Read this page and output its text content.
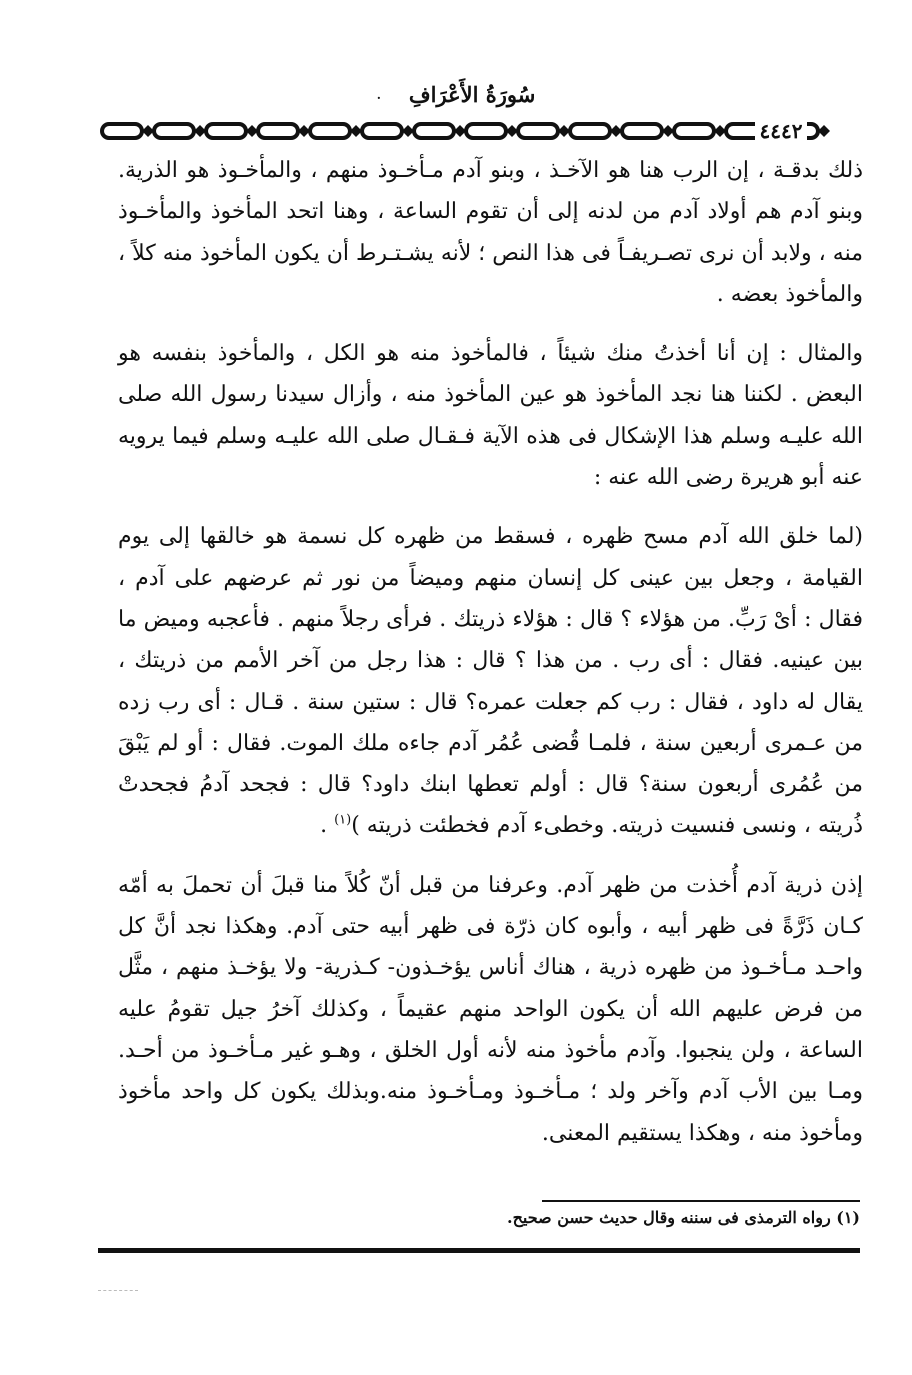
سُورَةُ الأَعْرَافِ·
٤٤٤٢

ذلك بدقـة ، إن الرب هنا هو الآخـذ ، وبنو آدم مـأخـوذ منهم ، والمأخـوذ هو الذرية. وبنو آدم هم أولاد آدم من لدنه إلى أن تقوم الساعة ، وهنا اتحد المأخوذ والمأخـوذ منه ، ولابد أن نرى تصـريفـاً فى هذا النص ؛ لأنه يشـتـرط أن يكون المأخوذ منه كلاً ، والمأخوذ بعضه .

والمثال : إن أنا أخذتُ منك شيئاً ، فالمأخوذ منه هو الكل ، والمأخوذ بنفسه هو البعض . لكننا هنا نجد المأخوذ هو عين المأخوذ منه ، وأزال سيدنا رسول الله صلى الله عليـه وسلم هذا الإشكال فى هذه الآية فـقـال صلى الله عليـه وسلم فيما يرويه عنه أبو هريرة رضى الله عنه :

(لما خلق الله آدم مسح ظهره ، فسقط من ظهره كل نسمة هو خالقها إلى يوم القيامة ، وجعل بين عينى كل إنسان منهم وميضاً من نور ثم عرضهم على آدم ، فقال : أىْ رَبِّ. من هؤلاء ؟ قال : هؤلاء ذريتك . فرأى رجلاً منهم . فأعجبه وميض ما بين عينيه. فقال : أى رب . من هذا ؟ قال : هذا رجل من آخر الأمم من ذريتك ، يقال له داود ، فقال : رب كم جعلت عمره؟ قال : ستين سنة . قـال : أى رب زده من عـمرى أربعين سنة ، فلمـا قُضى عُمُر آدم جاءه ملك الموت. فقال : أو لم يَبْقَ من عُمُرى أربعون سنة؟ قال : أولم تعطها ابنك داود؟ قال : فجحد آدمُ فجحدتْ ذُريته ، ونسى فنسيت ذريته. وخطىء آدم فخطئت ذريته )$^{(١)}$ .

إذن ذرية آدم أُخذت من ظهر آدم. وعرفنا من قبل أنّ كُلاً منا قبلَ أن تحملَ به أمّه كـان ذَرَّةً فى ظهر أبيه ، وأبوه كان ذرّة فى ظهر أبيه حتى آدم. وهكذا نجد أنَّ كل واحـد مـأخـوذ من ظهره ذرية ، هناك أناس يؤخـذون- كـذرية- ولا يؤخـذ منهم ، مثَّل من فرض عليهم الله أن يكون الواحد منهم عقيماً ، وكذلك آخرُ جيل تقومُ عليه الساعة ، ولن ينجبوا. وآدم مأخوذ منه لأنه أول الخلق ، وهـو غير مـأخـوذ من أحـد. ومـا بين الأب آدم وآخر ولد ؛ مـأخـوذ ومـأخـوذ منه.وبذلك يكون كل واحد مأخوذ ومأخوذ منه ، وهكذا يستقيم المعنى.

(١) رواه الترمذى فى سننه وقال حديث حسن صحيح.
